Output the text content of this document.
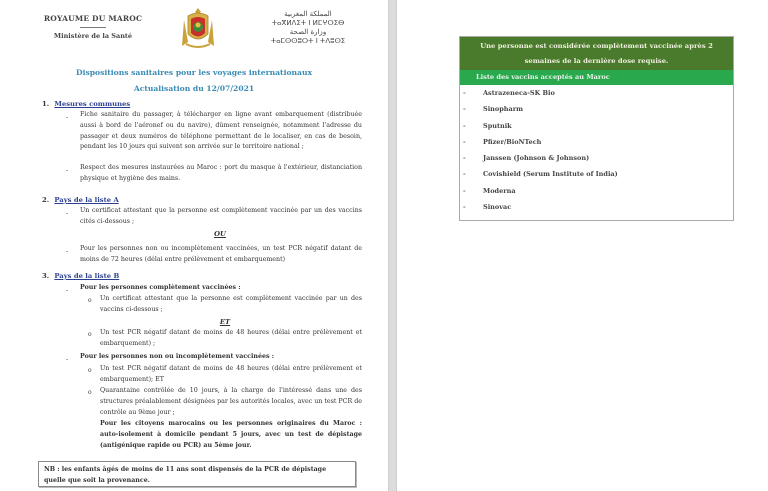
ROYAUME DU MAROC
Ministère de la Santé
المملكة المغربية
ⵜⴰⴳⵍⴷⵉⵜ ⵏ ⵍⵎⵖⵔⵉⴱ
وزارة الصحة
ⵜⴰⵎⵙⵙⵓⵔⵜ ⵏ ⵜⴷⵓⵙⵉ
Dispositions sanitaires pour les voyages internationaux
Actualisation du 12/07/2021
1. Mesures communes
- Fiche sanitaire du passager, à télécharger en ligne avant embarquement (distribuée aussi à bord de l'aéronef ou du navire), dûment renseignée, notamment l'adresse du passager et deux numéros de téléphone permettant de le localiser, en cas de besoin, pendant les 10 jours qui suivent son arrivée sur le territoire national ;
- Respect des mesures instaurées au Maroc : port du masque à l'extérieur, distanciation physique et hygiène des mains.
2. Pays de la liste A
- Un certificat attestant que la personne est complètement vaccinée par un des vaccins cités ci-dessous ;
OU
- Pour les personnes non ou incomplètement vaccinées, un test PCR négatif datant de moins de 72 heures (délai entre prélèvement et embarquement)
3. Pays de la liste B
- Pour les personnes complètement vaccinées :
o Un certificat attestant que la personne est complètement vaccinée par un des vaccins ci-dessous ;
ET
o Un test PCR négatif datant de moins de 48 heures (délai entre prélèvement et embarquement) ;
- Pour les personnes non ou incomplètement vaccinées :
o Un test PCR négatif datant de moins de 48 heures (délai entre prélèvement et embarquement); ET
o Quarantaine contrôlée de 10 jours, à la charge de l'intéressé dans une des structures préalablement désignées par les autorités locales, avec un test PCR de contrôle au 9ème jour ;
Pour les citoyens marocains ou les personnes originaires du Maroc : auto-isolement à domicile pendant 5 jours, avec un test de dépistage (antigénique rapide ou PCR) au 5ème jour.
NB : les enfants âgés de moins de 11 ans sont dispensés de la PCR de dépistage quelle que soit la provenance.
Une personne est considérée complètement vaccinée après 2 semaines de la dernière dose requise.
Liste des vaccins acceptés au Maroc
-	Astrazeneca-SK Bio
-	Sinopharm
-	Sputnik
-	Pfizer/BioNTech
-	Janssen (Johnson & Johnson)
-	Covishield (Serum Institute of India)
-	Moderna
-	Sinovac
